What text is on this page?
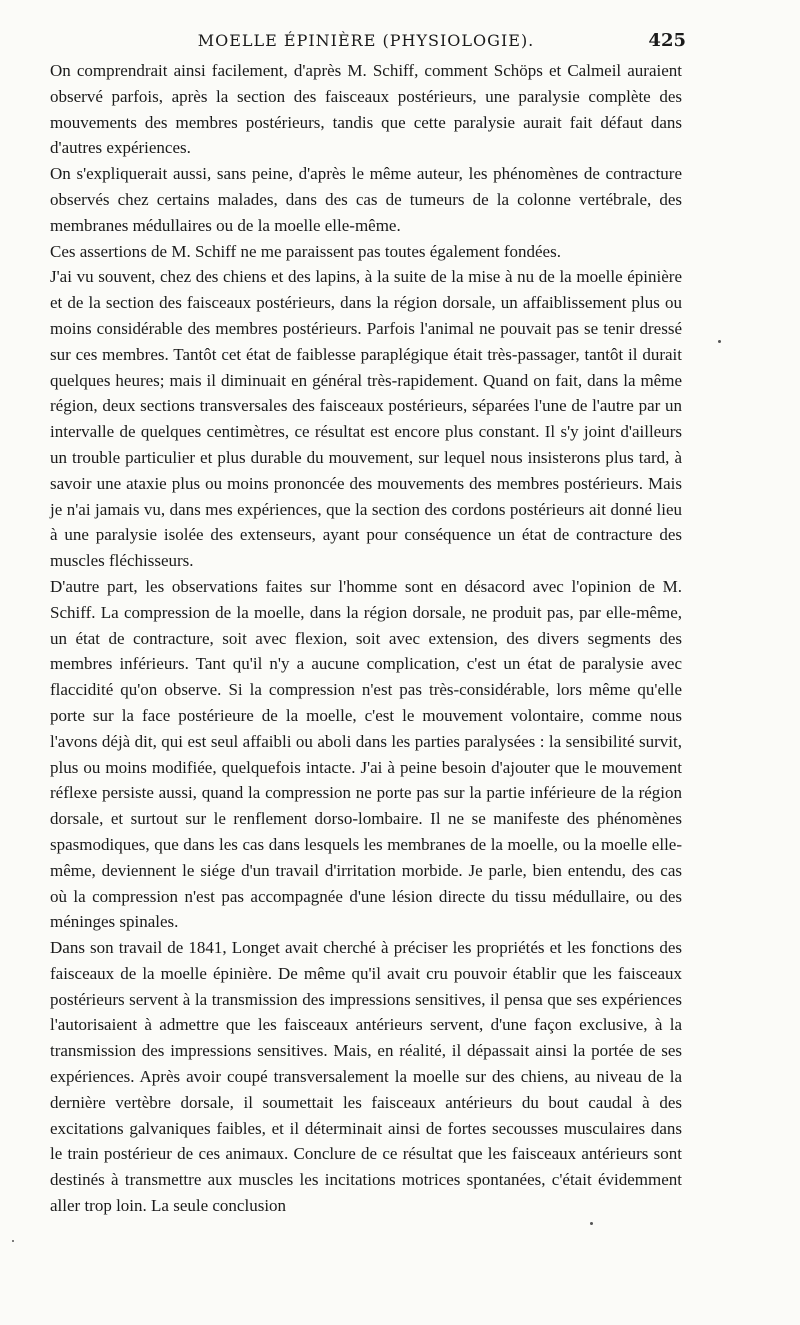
MOELLE ÉPINIÈRE (PHYSIOLOGIE).	425

On comprendrait ainsi facilement, d'après M. Schiff, comment Schöps et Calmeil auraient observé parfois, après la section des faisceaux postérieurs, une paralysie complète des mouvements des membres postérieurs, tandis que cette paralysie aurait fait défaut dans d'autres expériences.

On s'expliquerait aussi, sans peine, d'après le même auteur, les phénomènes de contracture observés chez certains malades, dans des cas de tumeurs de la colonne vertébrale, des membranes médullaires ou de la moelle elle-même.

Ces assertions de M. Schiff ne me paraissent pas toutes également fondées.

J'ai vu souvent, chez des chiens et des lapins, à la suite de la mise à nu de la moelle épinière et de la section des faisceaux postérieurs, dans la région dorsale, un affaiblissement plus ou moins considérable des membres postérieurs. Parfois l'animal ne pouvait pas se tenir dressé sur ces membres. Tantôt cet état de faiblesse paraplégique était très-passager, tantôt il durait quelques heures; mais il diminuait en général très-rapidement. Quand on fait, dans la même région, deux sections transversales des faisceaux postérieurs, séparées l'une de l'autre par un intervalle de quelques centimètres, ce résultat est encore plus constant. Il s'y joint d'ailleurs un trouble particulier et plus durable du mouvement, sur lequel nous insisterons plus tard, à savoir une ataxie plus ou moins prononcée des mouvements des membres postérieurs. Mais je n'ai jamais vu, dans mes expériences, que la section des cordons postérieurs ait donné lieu à une paralysie isolée des extenseurs, ayant pour conséquence un état de contracture des muscles fléchisseurs.

D'autre part, les observations faites sur l'homme sont en désacord avec l'opinion de M. Schiff. La compression de la moelle, dans la région dorsale, ne produit pas, par elle-même, un état de contracture, soit avec flexion, soit avec extension, des divers segments des membres inférieurs. Tant qu'il n'y a aucune complication, c'est un état de paralysie avec flaccidité qu'on observe. Si la compression n'est pas très-considérable, lors même qu'elle porte sur la face postérieure de la moelle, c'est le mouvement volontaire, comme nous l'avons déjà dit, qui est seul affaibli ou aboli dans les parties paralysées : la sensibilité survit, plus ou moins modifiée, quelquefois intacte. J'ai à peine besoin d'ajouter que le mouvement réflexe persiste aussi, quand la compression ne porte pas sur la partie inférieure de la région dorsale, et surtout sur le renflement dorso-lombaire. Il ne se manifeste des phénomènes spasmodiques, que dans les cas dans lesquels les membranes de la moelle, ou la moelle elle-même, deviennent le siége d'un travail d'irritation morbide. Je parle, bien entendu, des cas où la compression n'est pas accompagnée d'une lésion directe du tissu médullaire, ou des méninges spinales.

Dans son travail de 1841, Longet avait cherché à préciser les propriétés et les fonctions des faisceaux de la moelle épinière. De même qu'il avait cru pouvoir établir que les faisceaux postérieurs servent à la transmission des impressions sensitives, il pensa que ses expériences l'autorisaient à admettre que les faisceaux antérieurs servent, d'une façon exclusive, à la transmission des impressions sensitives. Mais, en réalité, il dépassait ainsi la portée de ses expériences. Après avoir coupé transversalement la moelle sur des chiens, au niveau de la dernière vertèbre dorsale, il soumettait les faisceaux antérieurs du bout caudal à des excitations galvaniques faibles, et il déterminait ainsi de fortes secousses musculaires dans le train postérieur de ces animaux. Conclure de ce résultat que les faisceaux antérieurs sont destinés à transmettre aux muscles les incitations motrices spontanées, c'était évidemment aller trop loin. La seule conclusion
